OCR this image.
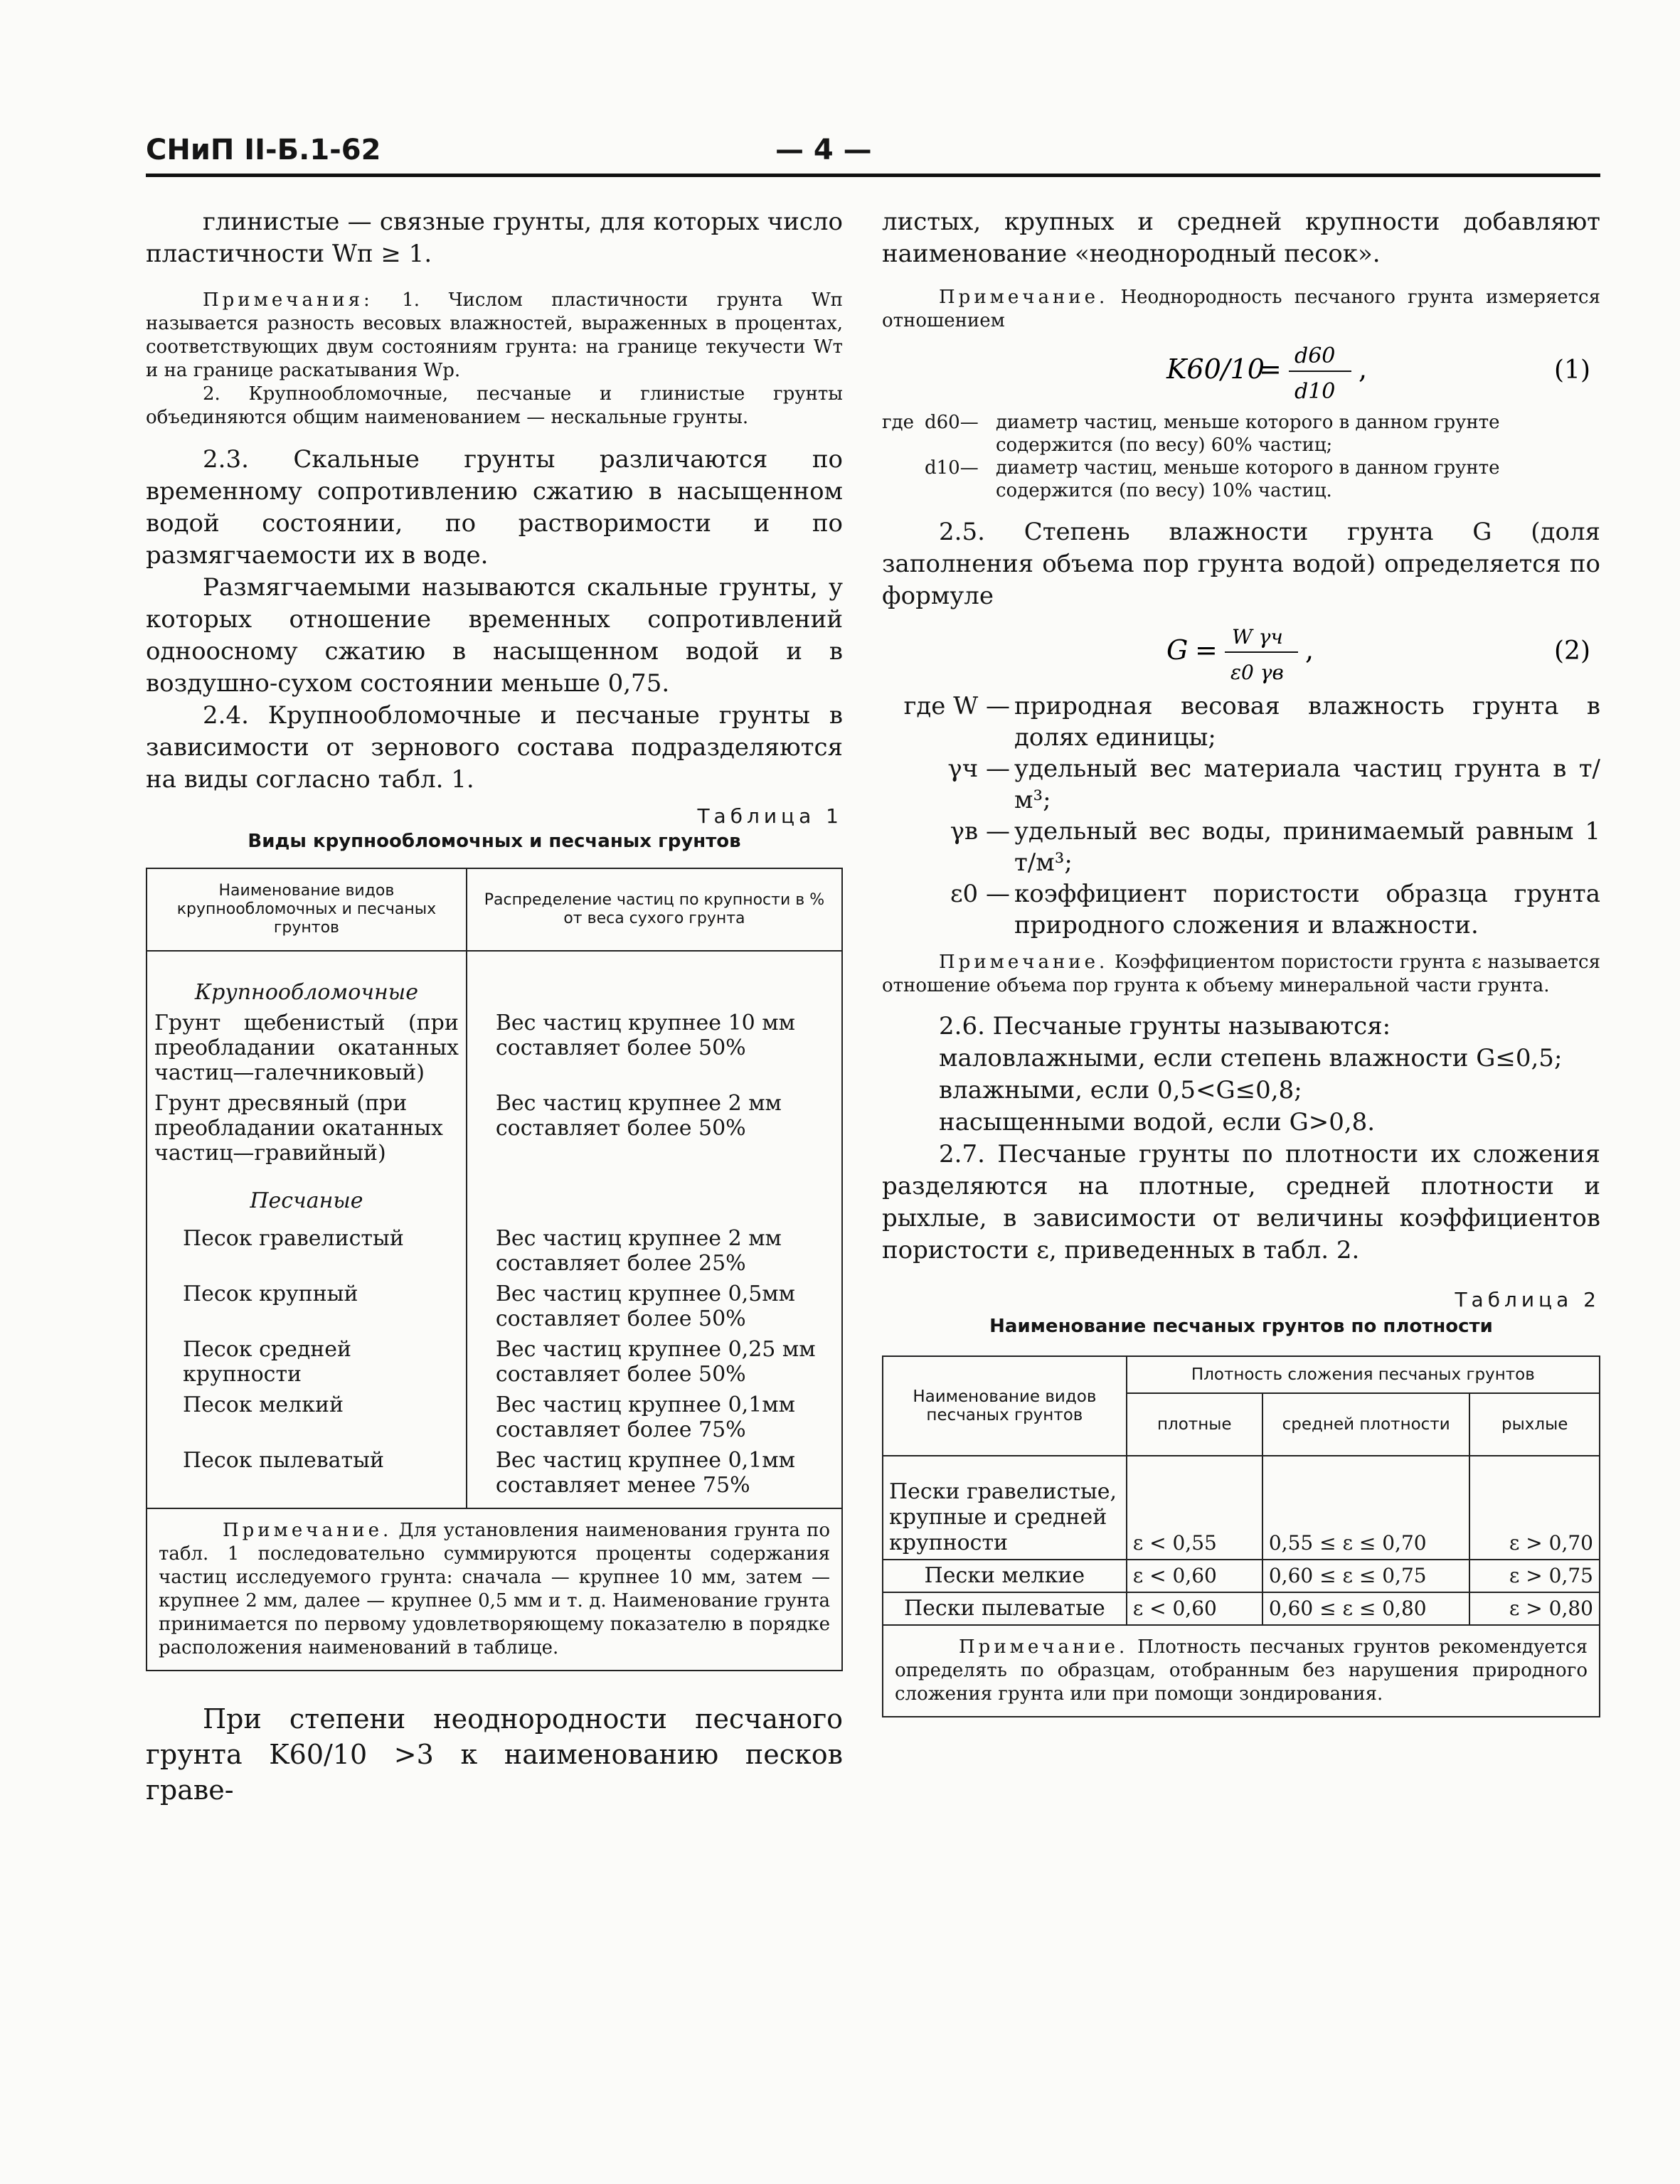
СНиП II-Б.1-62	— 4 —

глинистые — связные грунты, для которых число пластичности Wп ≥ 1.

Примечания: 1. Числом пластичности грунта Wп называется разность весовых влажностей, выраженных в процентах, соответствующих двум состояниям грунта: на границе текучести Wт и на границе раскатывания Wр.

2. Крупнообломочные, песчаные и глинистые грунты объединяются общим наименованием — нескальные грунты.

2.3. Скальные грунты различаются по временному сопротивлению сжатию в насыщенном водой состоянии, по растворимости и по размягчаемости их в воде.

Размягчаемыми называются скальные грунты, у которых отношение временных сопротивлений одноосному сжатию в насыщенном водой и в воздушно-сухом состоянии меньше 0,75.

2.4. Крупнообломочные и песчаные грунты в зависимости от зернового состава подразделяются на виды согласно табл. 1.

Таблица 1

Виды крупнообломочных и песчаных грунтов

Наименование видов крупнообломочных и песчаных грунтов	Распределение частиц по крупности в % от веса сухого грунта
Крупнообломочные	
Грунт щебенистый (при преобладании окатанных частиц—галечниковый)	Вес частиц крупнее 10 мм составляет более 50%
Грунт дресвяный (при преобладании окатанных частиц—гравийный)	Вес частиц крупнее 2 мм составляет более 50%
Песчаные	
Песок гравелистый	Вес частиц крупнее 2 мм составляет более 25%
Песок крупный	Вес частиц крупнее 0,5мм составляет более 50%
Песок средней крупности	Вес частиц крупнее 0,25 мм составляет более 50%
Песок мелкий	Вес частиц крупнее 0,1мм составляет более 75%
Песок пылеватый	Вес частиц крупнее 0,1мм составляет менее 75%
Примечание. Для установления наименования грунта по табл. 1 последовательно суммируются проценты содержания частиц исследуемого грунта: сначала — крупнее 10 мм, затем — крупнее 2 мм, далее — крупнее 0,5 мм и т. д. Наименование грунта принимается по первому удовлетворяющему показателю в порядке расположения наименований в таблице.	

При степени неоднородности песчаного грунта K60/10 >3 к наименованию песков граве-

листых, крупных и средней крупности добавляют наименование «неоднородный песок».

Примечание. Неоднородность песчаного грунта измеряется отношением

K60/10
= d60
d10
,	(1)
где d60— диаметр частиц, меньше которого в данном грунте содержится (по весу) 60% частиц;
d10— диаметр частиц, меньше которого в данном грунте содержится (по весу) 10% частиц.

2.5. Степень влажности грунта G (доля заполнения объема пор грунта водой) определяется по формуле

G = W γч
ε0 γв
,	(2)
где W — природная весовая влажность грунта в долях единицы;
γч — удельный вес материала частиц грунта в т/м³;
γв — удельный вес воды, принимаемый равным 1 т/м³;
ε0 — коэффициент пористости образца грунта природного сложения и влажности.

Примечание. Коэффициентом пористости грунта ε называется отношение объема пор грунта к объему минеральной части грунта.

2.6. Песчаные грунты называются:

маловлажными, если степень влажности G≤0,5;

влажными, если 0,5<G≤0,8;

насыщенными водой, если G>0,8.

2.7. Песчаные грунты по плотности их сложения разделяются на плотные, средней плотности и рыхлые, в зависимости от величины коэффициентов пористости ε, приведенных в табл. 2.

Таблица 2

Наименование песчаных грунтов по плотности

Наименование видов песчаных грунтов	Плотность сложения песчаных грунтов		
	плотные	средней плотности	рыхлые
Пески гравелистые, крупные и средней крупности	ε < 0,55	0,55 ≤ ε ≤ 0,70	ε > 0,70
Пески мелкие	ε < 0,60	0,60 ≤ ε ≤ 0,75	ε > 0,75
Пески пылеватые	ε < 0,60	0,60 ≤ ε ≤ 0,80	ε > 0,80
Примечание. Плотность песчаных грунтов рекомендуется определять по образцам, отобранным без нарушения природного сложения грунта или при помощи зондирования.			
